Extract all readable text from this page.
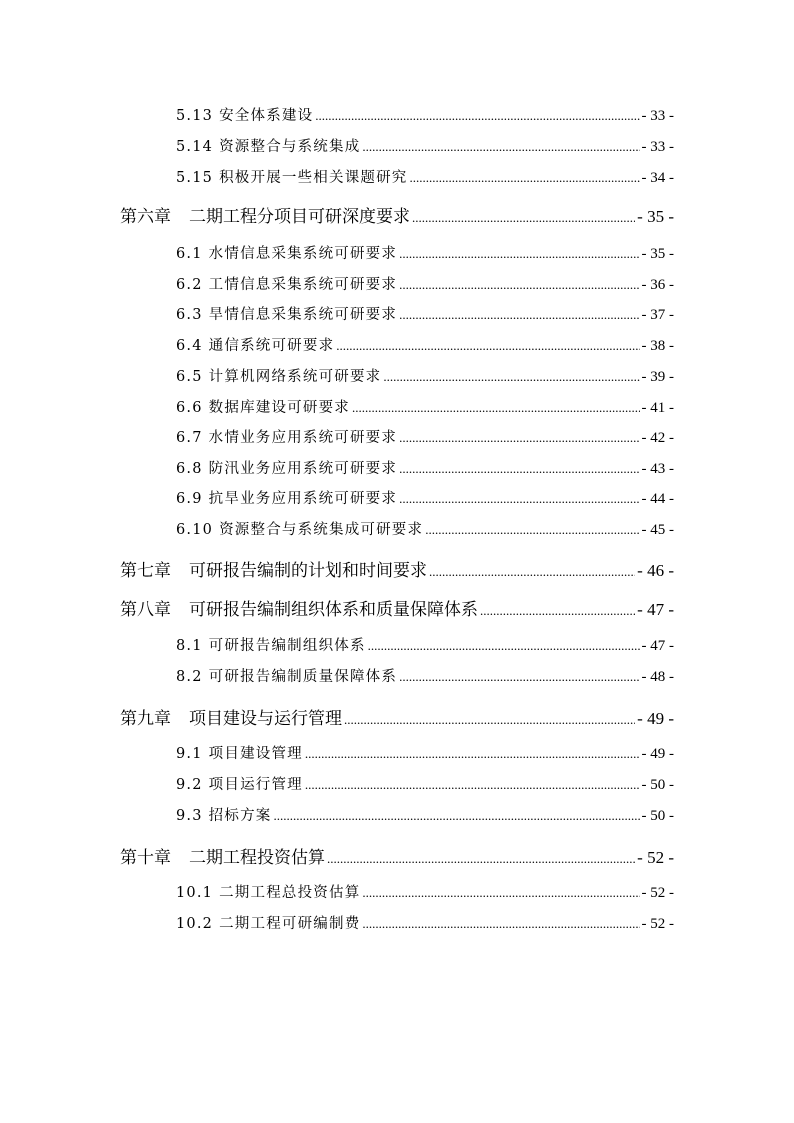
5.13 安全体系建设 .....	- 33 -
5.14 资源整合与系统集成 .....	- 33 -
5.15 积极开展一些相关课题研究 .....	- 34 -
第六章 二期工程分项目可研深度要求 .....	- 35 -
6.1 水情信息采集系统可研要求 .....	- 35 -
6.2 工情信息采集系统可研要求 .....	- 36 -
6.3 旱情信息采集系统可研要求 .....	- 37 -
6.4 通信系统可研要求 .....	- 38 -
6.5 计算机网络系统可研要求 .....	- 39 -
6.6 数据库建设可研要求 .....	- 41 -
6.7 水情业务应用系统可研要求 .....	- 42 -
6.8 防汛业务应用系统可研要求 .....	- 43 -
6.9 抗旱业务应用系统可研要求 .....	- 44 -
6.10 资源整合与系统集成可研要求 .....	- 45 -
第七章 可研报告编制的计划和时间要求 .....	- 46 -
第八章 可研报告编制组织体系和质量保障体系 .....	- 47 -
8.1 可研报告编制组织体系 .....	- 47 -
8.2 可研报告编制质量保障体系 .....	- 48 -
第九章 项目建设与运行管理 .....	- 49 -
9.1 项目建设管理 .....	- 49 -
9.2 项目运行管理 .....	- 50 -
9.3 招标方案 .....	- 50 -
第十章 二期工程投资估算 .....	- 52 -
10.1 二期工程总投资估算 .....	- 52 -
10.2 二期工程可研编制费 .....	- 52 -
